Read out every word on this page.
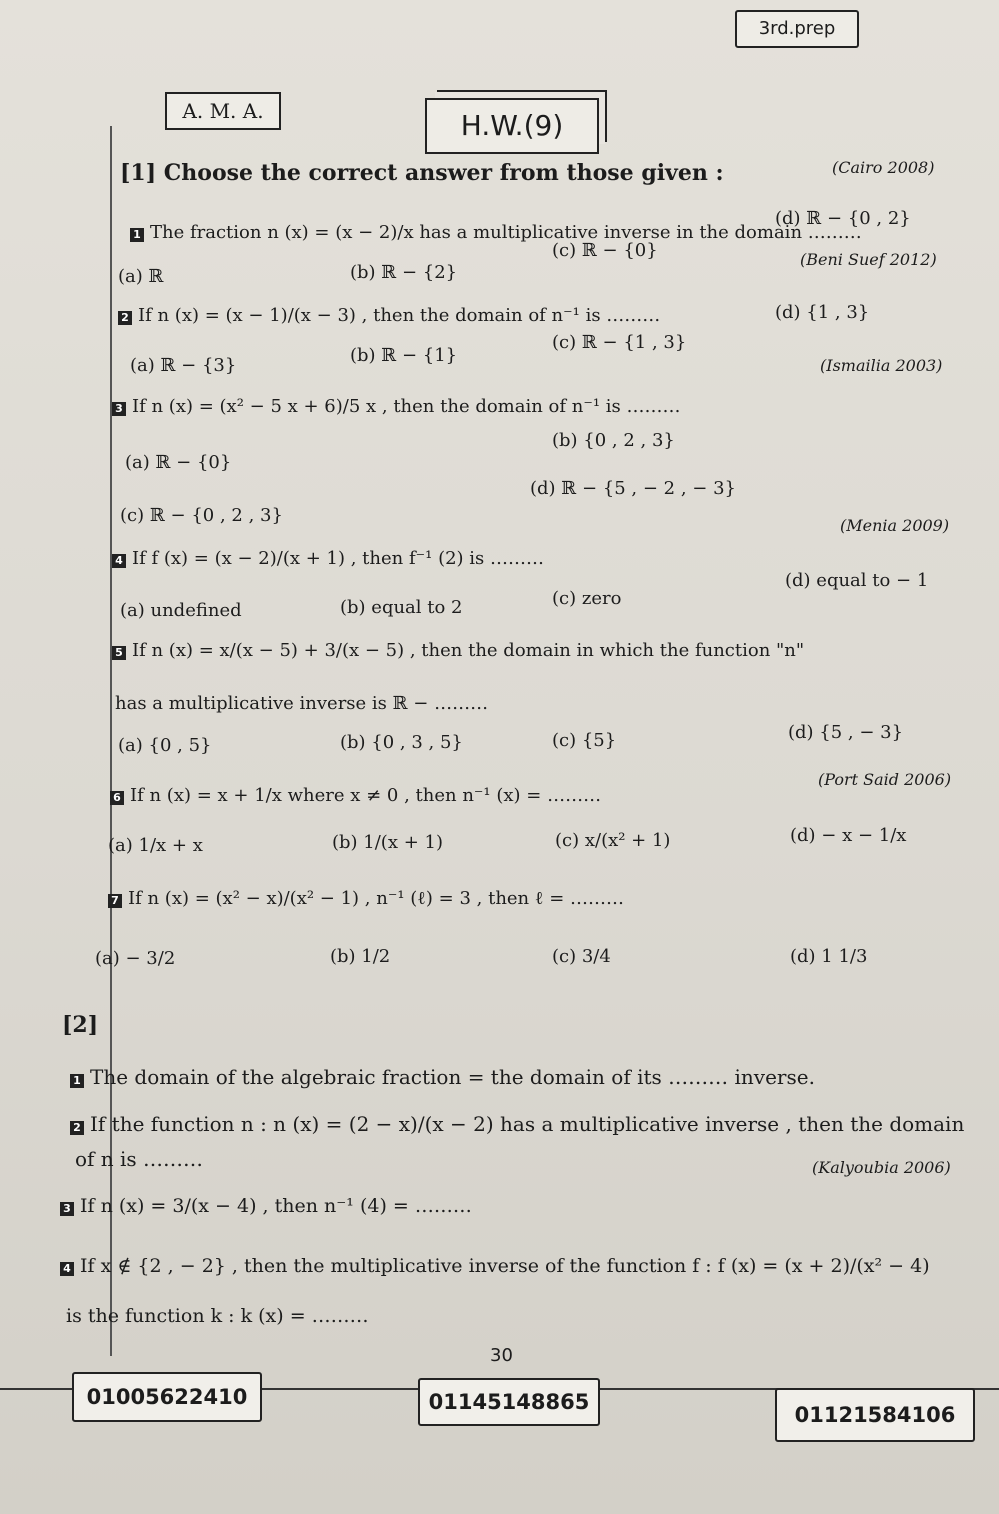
3rd.prep
A. M. A.	H.W.(9)
[1] Choose the correct answer from those given :	(Cairo 2008)
1 The fraction n (x) = (x − 2)/x has a multiplicative inverse in the domain ………
(a) ℝ	(b) ℝ − {2}
(c) ℝ − {0}
(d) ℝ − {0 , 2}
(Beni Suef 2012)
2 If n (x) = (x − 1)/(x − 3) , then the domain of n⁻¹ is ………
(a) ℝ − {3}	(b) ℝ − {1}
(c) ℝ − {1 , 3}
(d) {1 , 3}
(Ismailia 2003)
3 If n (x) = (x² − 5 x + 6)/5 x , then the domain of n⁻¹ is ………
(a) ℝ − {0}
(b) {0 , 2 , 3}
(c) ℝ − {0 , 2 , 3}
(d) ℝ − {5 , − 2 , − 3}
(Menia 2009)
4 If f (x) = (x − 2)/(x + 1) , then f⁻¹ (2) is ………
(a) undefined	(b) equal to 2	(c) zero
(d) equal to − 1
5 If n (x) = x/(x − 5) + 3/(x − 5) , then the domain in which the function "n"
has a multiplicative inverse is ℝ − ………
(a) {0 , 5}	(b) {0 , 3 , 5}	(c) {5}	(d) {5 , − 3}
(Port Said 2006)
6 If n (x) = x + 1/x where x ≠ 0 , then n⁻¹ (x) = ………
(a) 1/x + x	(b) 1/(x + 1)	(c) x/(x² + 1)	(d) − x − 1/x
7 If n (x) = (x² − x)/(x² − 1) , n⁻¹ (ℓ) = 3 , then ℓ = ………
(a) − 3/2	(b) 1/2	(c) 3/4	(d) 1 1/3
[2]
1 The domain of the algebraic fraction = the domain of its ……… inverse.
2 If the function n : n (x) = (2 − x)/(x − 2) has a multiplicative inverse , then the domain
of n is ………	(Kalyoubia 2006)
3 If n (x) = 3/(x − 4) , then n⁻¹ (4) = ………
4 If x ∉ {2 , − 2} , then the multiplicative inverse of the function f : f (x) = (x + 2)/(x² − 4)
is the function k : k (x) = ………
30
01005622410	01145148865
01121584106
